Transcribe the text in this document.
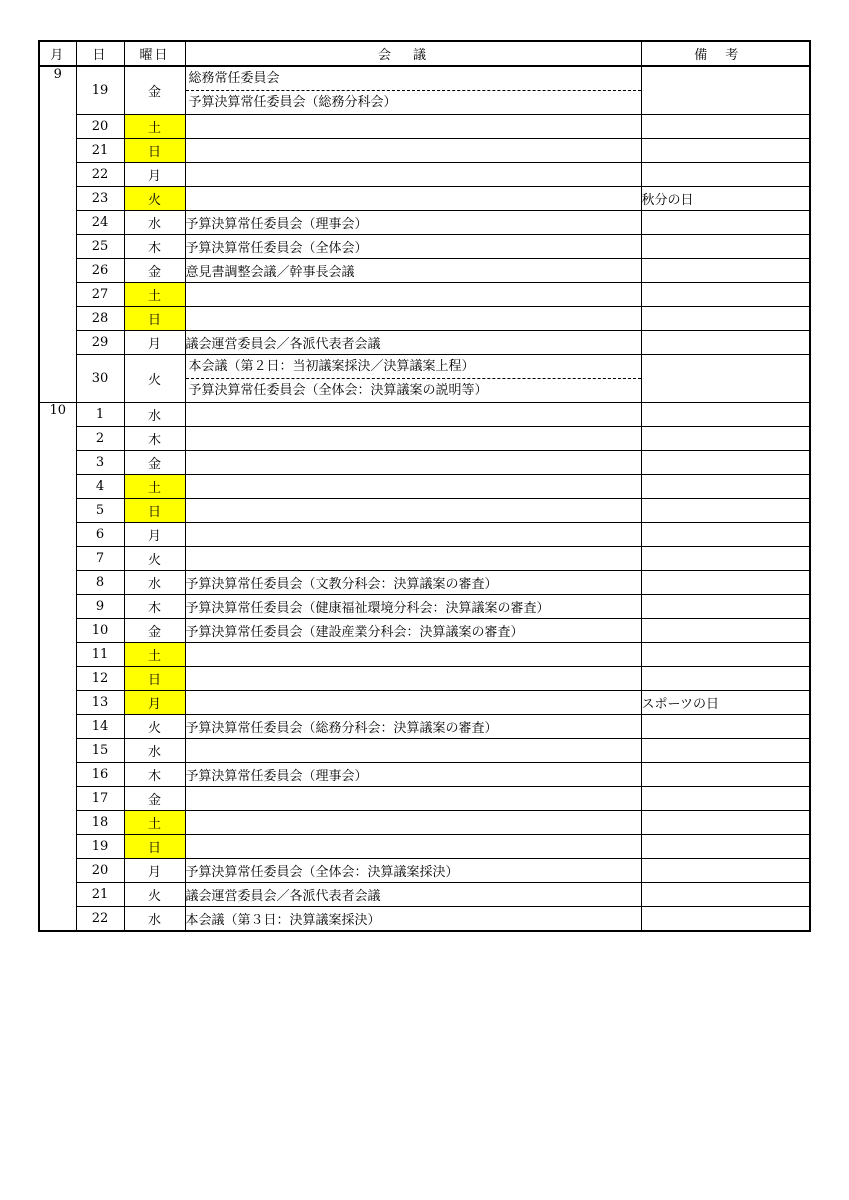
月	日	曜日	会議	備考
9	19	金	総務常任委員会
予算決算常任委員会（総務分科会）	

	20	土		
	21	日		
	22	月		
	23	火		秋分の日
	24	水	予算決算常任委員会（理事会）	
	25	木	予算決算常任委員会（全体会）	
	26	金	意見書調整会議／幹事長会議	
	27	土		
	28	日		
	29	月	議会運営委員会／各派代表者会議	
	30	火	本会議（第２日：当初議案採決／決算議案上程）
予算決算常任委員会（全体会：決算議案の説明等）	

10	1	水		
	2	木		
	3	金		
	4	土		
	5	日		
	6	月		
	7	火		
	8	水	予算決算常任委員会（文教分科会：決算議案の審査）	
	9	木	予算決算常任委員会（健康福祉環境分科会：決算議案の審査）	
	10	金	予算決算常任委員会（建設産業分科会：決算議案の審査）	
	11	土		
	12	日		
	13	月		スポーツの日
	14	火	予算決算常任委員会（総務分科会：決算議案の審査）	
	15	水		
	16	木	予算決算常任委員会（理事会）	
	17	金		
	18	土		
	19	日		
	20	月	予算決算常任委員会（全体会：決算議案採決）	
	21	火	議会運営委員会／各派代表者会議	
	22	水	本会議（第３日：決算議案採決）	
